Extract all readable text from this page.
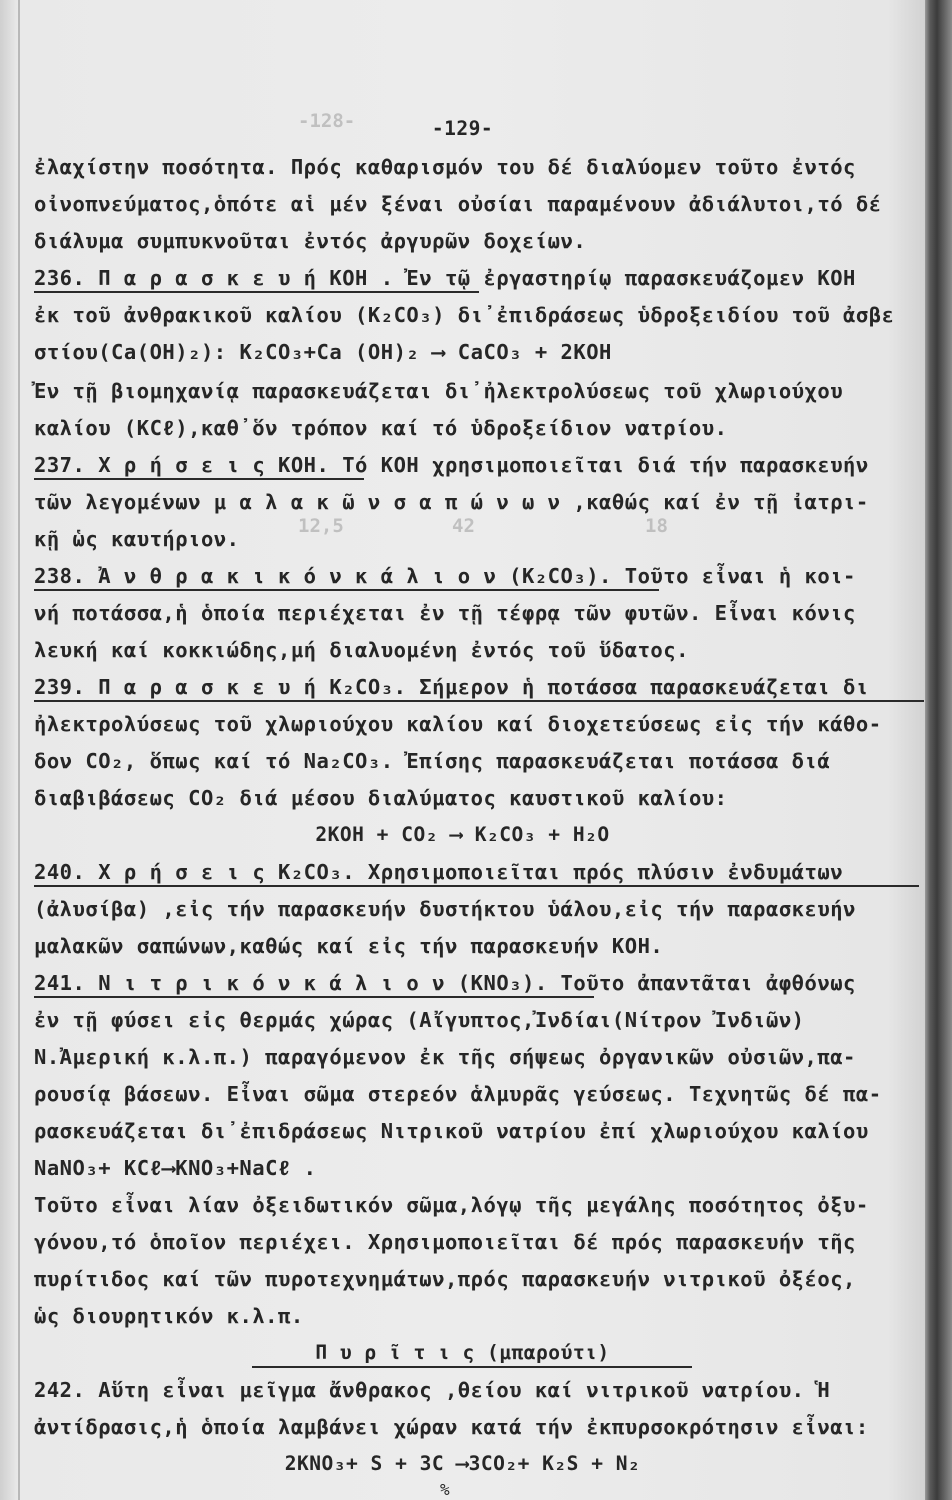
-128-
12,5	42	18
-129-
ἐλαχίστην ποσότητα. Πρός καθαρισμόν του δέ διαλύομεν τοῦτο ἐντός
οἰνοπνεύματος,ὁπότε αἱ μέν ξέναι οὐσίαι παραμένουν ἀδιάλυτοι,τό δέ
διάλυμα συμπυκνοῦται ἐντός ἀργυρῶν δοχείων.
236. Π α ρ α σ κ ε υ ή ΚΟΗ . Ἐν τῷ ἐργαστηρίῳ παρασκευάζομεν ΚΟΗ
ἐκ τοῦ ἀνθρακικοῦ καλίου (K₂CO₃) δι᾽ἐπιδράσεως ὑδροξειδίου τοῦ ἀσβε
στίου(Ca(OH)₂): K₂CO₃+Ca (OH)₂ ⟶ CaCO₃ + 2KOH
Ἐν τῇ βιομηχανίᾳ παρασκευάζεται δι᾽ἠλεκτρολύσεως τοῦ χλωριούχου
καλίου (KCℓ),καθ᾽ὅν τρόπον καί τό ὑδροξείδιον νατρίου.
237. Χ ρ ή σ ε ι ς ΚΟΗ. Τό ΚΟΗ χρησιμοποιεῖται διά τήν παρασκευήν
τῶν λεγομένων μ α λ α κ ῶ ν σ α π ώ ν ω ν ,καθώς καί ἐν τῇ ἰατρι-
κῇ ὡς καυτήριον.
238. Ἀ ν θ ρ α κ ι κ ό ν κ ά λ ι ο ν (K₂CO₃). Τοῦτο εἶναι ἡ κοι-
νή ποτάσσα,ἡ ὁποία περιέχεται ἐν τῇ τέφρᾳ τῶν φυτῶν. Εἶναι κόνις
λευκή καί κοκκιώδης,μή διαλυομένη ἐντός τοῦ ὕδατος.
239. Π α ρ α σ κ ε υ ή K₂CO₃. Σήμερον ἡ ποτάσσα παρασκευάζεται δι
ἠλεκτρολύσεως τοῦ χλωριούχου καλίου καί διοχετεύσεως εἰς τήν κάθο-
δον CO₂, ὅπως καί τό Na₂CO₃. Ἐπίσης παρασκευάζεται ποτάσσα διά
διαβιβάσεως CO₂ διά μέσου διαλύματος καυστικοῦ καλίου:
2KOH + CO₂ ⟶ K₂CO₃ + H₂O
240. Χ ρ ή σ ε ι ς K₂CO₃. Χρησιμοποιεῖται πρός πλύσιν ἐνδυμάτων
(ἀλυσίβα) ,εἰς τήν παρασκευήν δυστήκτου ὑάλου,εἰς τήν παρασκευήν
μαλακῶν σαπώνων,καθώς καί εἰς τήν παρασκευήν ΚΟΗ.
241. Ν ι τ ρ ι κ ό ν κ ά λ ι ο ν (KNO₃). Τοῦτο ἀπαντᾶται ἀφθόνως
ἐν τῇ φύσει εἰς θερμάς χώρας (Αἴγυπτος,Ἰνδίαι(Νίτρον Ἰνδιῶν)
Ν.Ἀμερική κ.λ.π.) παραγόμενον ἐκ τῆς σήψεως ὀργανικῶν οὐσιῶν,πα-
ρουσίᾳ βάσεων. Εἶναι σῶμα στερεόν ἁλμυρᾶς γεύσεως. Τεχνητῶς δέ πα-
ρασκευάζεται δι᾽ἐπιδράσεως Νιτρικοῦ νατρίου ἐπί χλωριούχου καλίου
NaNO₃+ KCℓ⟶KNO₃+NaCℓ .
Τοῦτο εἶναι λίαν ὀξειδωτικόν σῶμα,λόγῳ τῆς μεγάλης ποσότητος ὀξυ-
γόνου,τό ὁποῖον περιέχει. Χρησιμοποιεῖται δέ πρός παρασκευήν τῆς
πυρίτιδος καί τῶν πυροτεχνημάτων,πρός παρασκευήν νιτρικοῦ ὀξέος,
ὡς διουρητικόν κ.λ.π.
Π υ ρ ῖ τ ι ς (μπαρούτι)
242. Αὕτη εἶναι μεῖγμα ἄνθρακος ,θείου καί νιτρικοῦ νατρίου. Ἡ
ἀντίδρασις,ἡ ὁποία λαμβάνει χώραν κατά τήν ἐκπυρσοκρότησιν εἶναι:
2KNO₃+ S + 3C ⟶3CO₂+ K₂S + N₂
%
